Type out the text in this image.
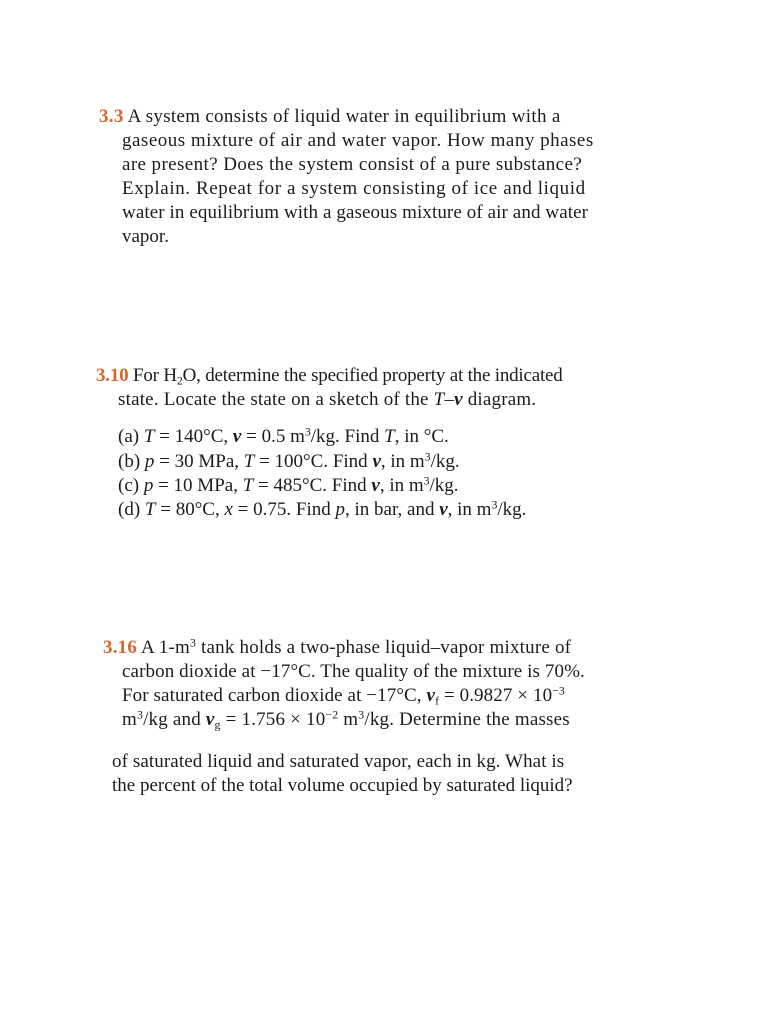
3.3 A system consists of liquid water in equilibrium with a
gaseous mixture of air and water vapor. How many phases
are present? Does the system consist of a pure substance?
Explain. Repeat for a system consisting of ice and liquid
water in equilibrium with a gaseous mixture of air and water
vapor.
3.10 For $H_2O$, determine the specified property at the indicated
state. Locate the state on a sketch of the T–v diagram.
(a) T = 140°C, v = 0.5 $m^3/kg$. Find T, in °C.
(b) p = 30 MPa, T = 100°C. Find v, in $m^3/kg$.
(c) p = 10 MPa, T = 485°C. Find v, in $m^3/kg$.
(d) T = 80°C, x = 0.75. Find p, in bar, and v, in $m^3/kg$.
3.16 A $1-m^3$ tank holds a two-phase liquid–vapor mixture of
carbon dioxide at −17°C. The quality of the mixture is 70%.
For saturated carbon dioxide at −17°C, $v_f = 0.9827 \times 10^{-3}$
$m^3/kg$ and $v_g = 1.756 \times 10^{-2}$ $m^3/kg$. Determine the masses
of saturated liquid and saturated vapor, each in kg. What is
the percent of the total volume occupied by saturated liquid?
